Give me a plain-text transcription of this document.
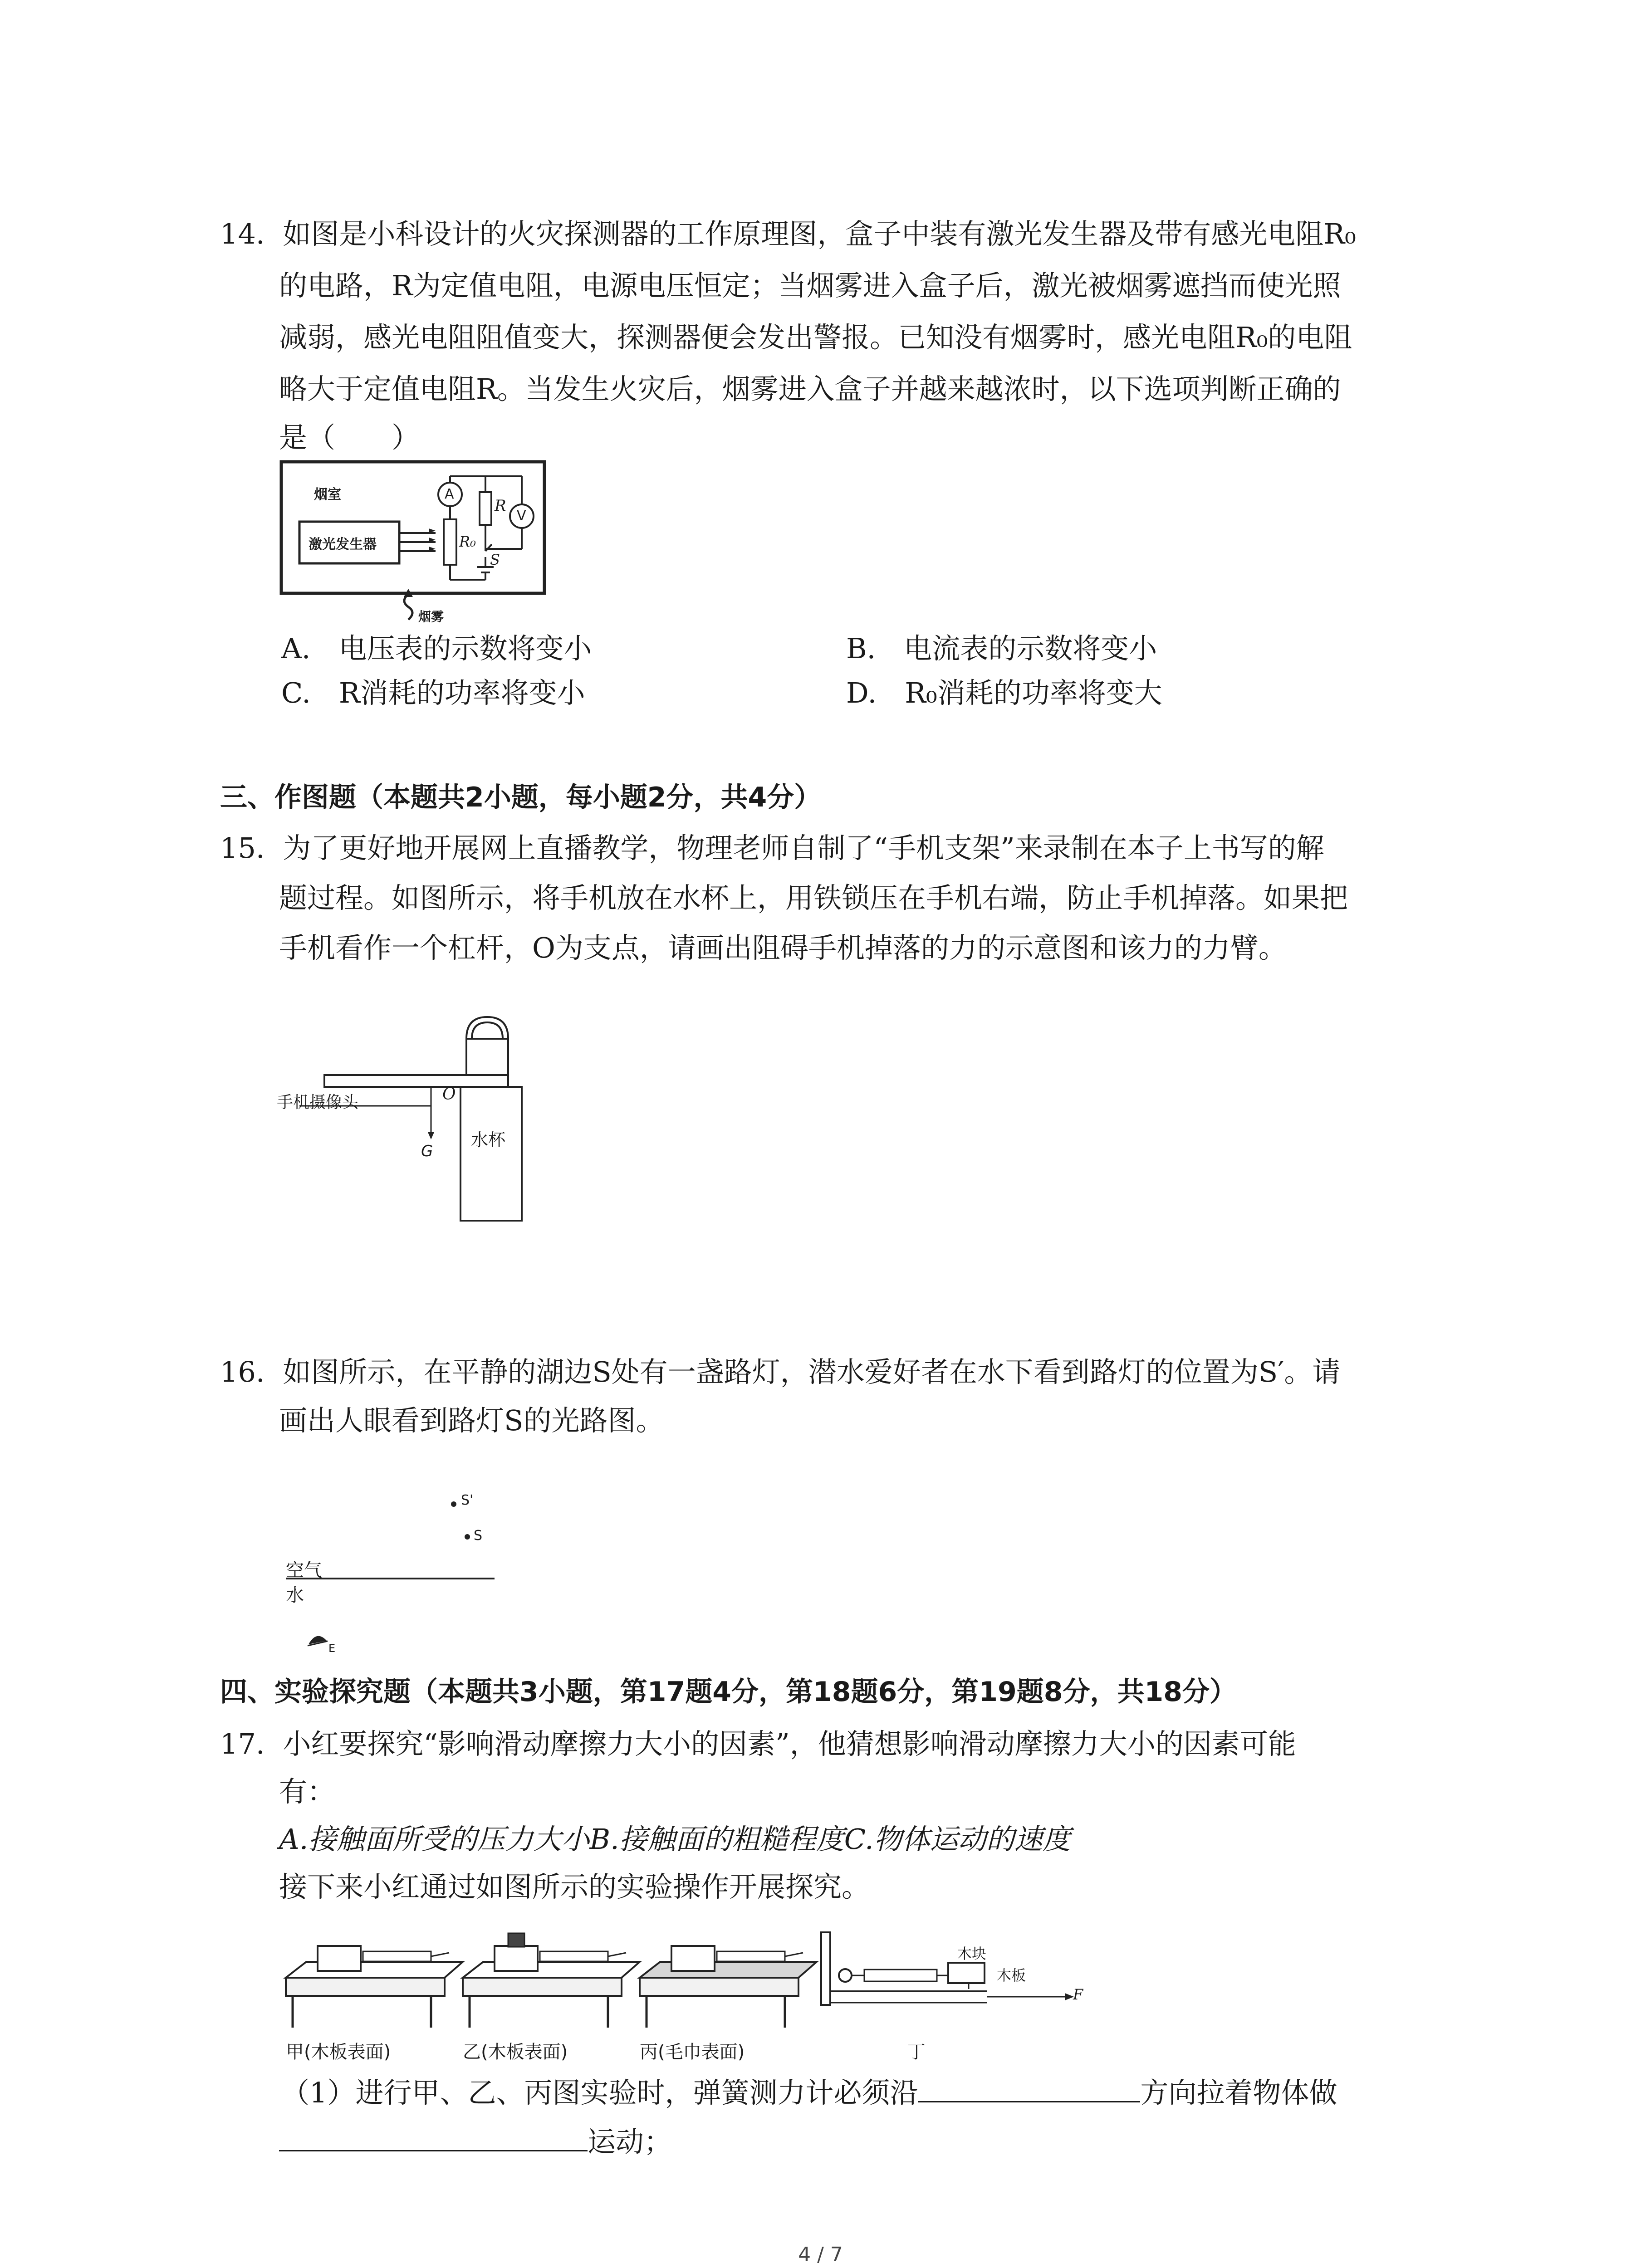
14. 如图是小科设计的火灾探测器的工作原理图，盒子中装有激光发生器及带有感光电阻R₀
的电路，R为定值电阻，电源电压恒定；当烟雾进入盒子后，激光被烟雾遮挡而使光照
减弱，感光电阻阻值变大，探测器便会发出警报。已知没有烟雾时，感光电阻R₀的电阻
略大于定值电阻R。当发生火灾后，烟雾进入盒子并越来越浓时，以下选项判断正确的
是（　　）
烟室
激光发生器
A
V
R
R₀
S
烟雾
A.　电压表的示数将变小	B.　电流表的示数将变小
C.　R消耗的功率将变小	D.　R₀消耗的功率将变大
三、作图题（本题共2小题，每小题2分，共4分）
15. 为了更好地开展网上直播教学，物理老师自制了“手机支架”来录制在本子上书写的解
题过程。如图所示，将手机放在水杯上，用铁锁压在手机右端，防止手机掉落。如果把
手机看作一个杠杆，O为支点，请画出阻碍手机掉落的力的示意图和该力的力臂。
手机摄像头	O
G
水杯
16. 如图所示，在平静的湖边S处有一盏路灯，潜水爱好者在水下看到路灯的位置为S′。请
画出人眼看到路灯S的光路图。
S'
S
空气
水
E
四、实验探究题（本题共3小题，第17题4分，第18题6分，第19题8分，共18分）
17. 小红要探究“影响滑动摩擦力大小的因素”，他猜想影响滑动摩擦力大小的因素可能
有：
A.接触面所受的压力大小B.接触面的粗糙程度C.物体运动的速度
接下来小红通过如图所示的实验操作开展探究。
木块
木板
F
甲(木板表面)	乙(木板表面)	丙(毛巾表面)	丁
（1）进行甲、乙、丙图实验时，弹簧测力计必须沿	方向拉着物体做
运动；
4 / 7
